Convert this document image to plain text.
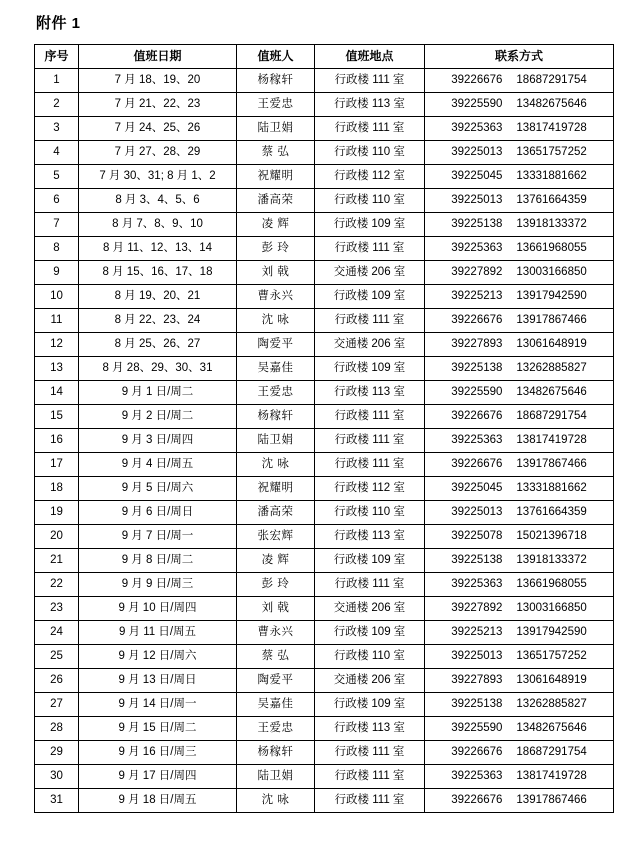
附件 1
序号	值班日期	值班人	值班地点	联系方式
1	7 月 18、19、20	杨稼轩	行政楼 111 室	39226676 18687291754

2	7 月 21、22、23	王爱忠	行政楼 113 室	39225590 13482675646

3	7 月 24、25、26	陆卫娟	行政楼 111 室	39225363 13817419728

4	7 月 27、28、29	蔡 弘	行政楼 110 室	39225013 13651757252

5	7 月 30、31; 8 月 1、2	祝耀明	行政楼 112 室	39225045 13331881662

6	8 月 3、4、5、6	潘高荣	行政楼 110 室	39225013 13761664359

7	8 月 7、8、9、10	凌 辉	行政楼 109 室	39225138 13918133372

8	8 月 11、12、13、14	彭 玲	行政楼 111 室	39225363 13661968055

9	8 月 15、16、17、18	刘 戟	交通楼 206 室	39227892 13003166850

10	8 月 19、20、21	曹永兴	行政楼 109 室	39225213 13917942590

11	8 月 22、23、24	沈 咏	行政楼 111 室	39226676 13917867466

12	8 月 25、26、27	陶爱平	交通楼 206 室	39227893 13061648919

13	8 月 28、29、30、31	吴嘉佳	行政楼 109 室	39225138 13262885827

14	9 月 1 日/周二	王爱忠	行政楼 113 室	39225590 13482675646

15	9 月 2 日/周二	杨稼轩	行政楼 111 室	39226676 18687291754

16	9 月 3 日/周四	陆卫娟	行政楼 111 室	39225363 13817419728

17	9 月 4 日/周五	沈 咏	行政楼 111 室	39226676 13917867466

18	9 月 5 日/周六	祝耀明	行政楼 112 室	39225045 13331881662

19	9 月 6 日/周日	潘高荣	行政楼 110 室	39225013 13761664359

20	9 月 7 日/周一	张宏辉	行政楼 113 室	39225078 15021396718

21	9 月 8 日/周二	凌 辉	行政楼 109 室	39225138 13918133372

22	9 月 9 日/周三	彭 玲	行政楼 111 室	39225363 13661968055

23	9 月 10 日/周四	刘 戟	交通楼 206 室	39227892 13003166850

24	9 月 11 日/周五	曹永兴	行政楼 109 室	39225213 13917942590

25	9 月 12 日/周六	蔡 弘	行政楼 110 室	39225013 13651757252

26	9 月 13 日/周日	陶爱平	交通楼 206 室	39227893 13061648919

27	9 月 14 日/周一	吴嘉佳	行政楼 109 室	39225138 13262885827

28	9 月 15 日/周二	王爱忠	行政楼 113 室	39225590 13482675646

29	9 月 16 日/周三	杨稼轩	行政楼 111 室	39226676 18687291754

30	9 月 17 日/周四	陆卫娟	行政楼 111 室	39225363 13817419728

31	9 月 18 日/周五	沈 咏	行政楼 111 室	39226676 13917867466
